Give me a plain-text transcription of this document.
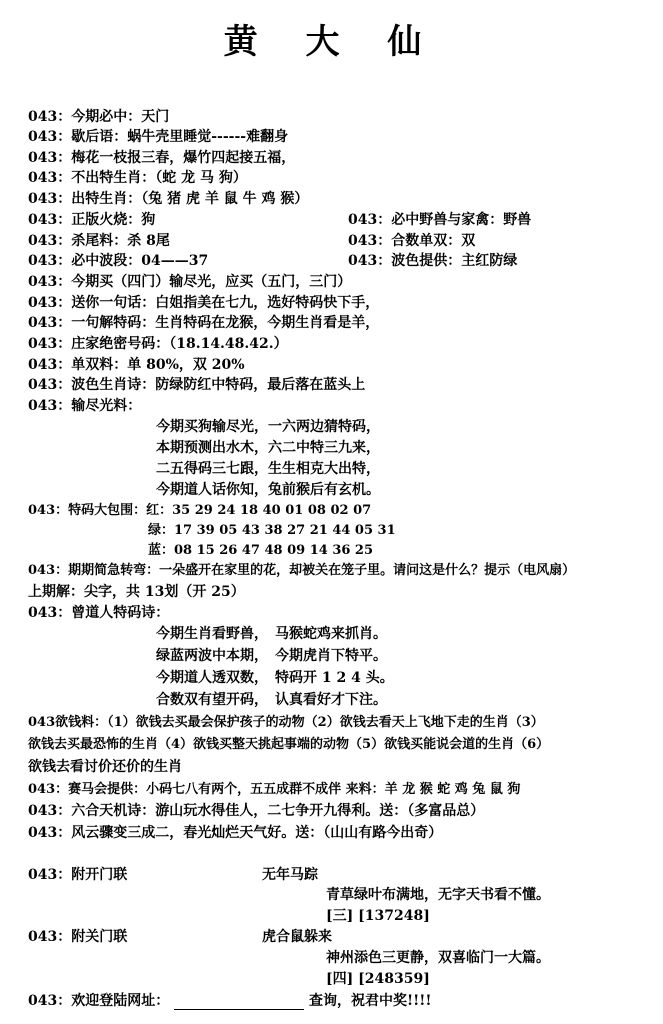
黄 大 仙
043：今期必中：天门
043：歇后语：蜗牛壳里睡觉------难翻身
043：梅花一枝报三春，爆竹四起接五福，
043：不出特生肖：（蛇 龙 马 狗）
043：出特生肖：（兔 猪 虎 羊 鼠 牛 鸡 猴）
043：正版火烧：狗	043：必中野兽与家禽：野兽
043：杀尾料：杀 8尾	043：合数单双：双
043：必中波段：04——37	043：波色提供：主红防绿
043：今期买（四门）输尽光，应买（五门，三门）
043：送你一句话：白姐指美在七九，选好特码快下手，
043：一句解特码：生肖特码在龙猴，今期生肖看是羊，
043：庄家绝密号码：（18.14.48.42.）
043：单双料：单 80%，双 20%
043：波色生肖诗：防绿防红中特码，最后落在蓝头上
043：输尽光料：
今期买狗输尽光，一六两边猜特码，
本期预测出水木，六二中特三九来，
二五得码三七跟，生生相克大出特，
今期道人话你知，兔前猴后有玄机。
043：特码大包围：红：35 29 24 18 40 01 08 02 07
绿：17 39 05 43 38 27 21 44 05 31
蓝：08 15 26 47 48 09 14 36 25
043：期期简急转弯：一朵盛开在家里的花，却被关在笼子里。请问这是什么？提示（电风扇）
上期解：尖字，共 13划（开 25）
043：曾道人特码诗：
今期生肖看野兽，　马猴蛇鸡来抓肖。
绿蓝两波中本期，　今期虎肖下特平。
今期道人透双数，　特码开 1 2 4 头。
合数双有望开码，　认真看好才下注。
043欲钱料：（1）欲钱去买最会保护孩子的动物（2）欲钱去看天上飞地下走的生肖（3）
欲钱去买最恐怖的生肖（4）欲钱买整天挑起事端的动物（5）欲钱买能说会道的生肖（6）
欲钱去看讨价还价的生肖
043：赛马会提供：小码七八有两个，五五成群不成伴 来料：羊 龙 猴 蛇 鸡 兔 鼠 狗
043：六合天机诗：游山玩水得佳人，二七争开九得利。送：（多富品总）
043：风云骤变三成二，春光灿烂天气好。送：（山山有路今出奇）
043：附开门联	无年马踪
青草绿叶布满地，无字天书看不懂。
[三] [137248]
043：附关门联	虎合鼠躲来
神州添色三更静，双喜临门一大篇。
[四] [248359]
043：欢迎登陆网址：	查询，祝君中奖!!!!
